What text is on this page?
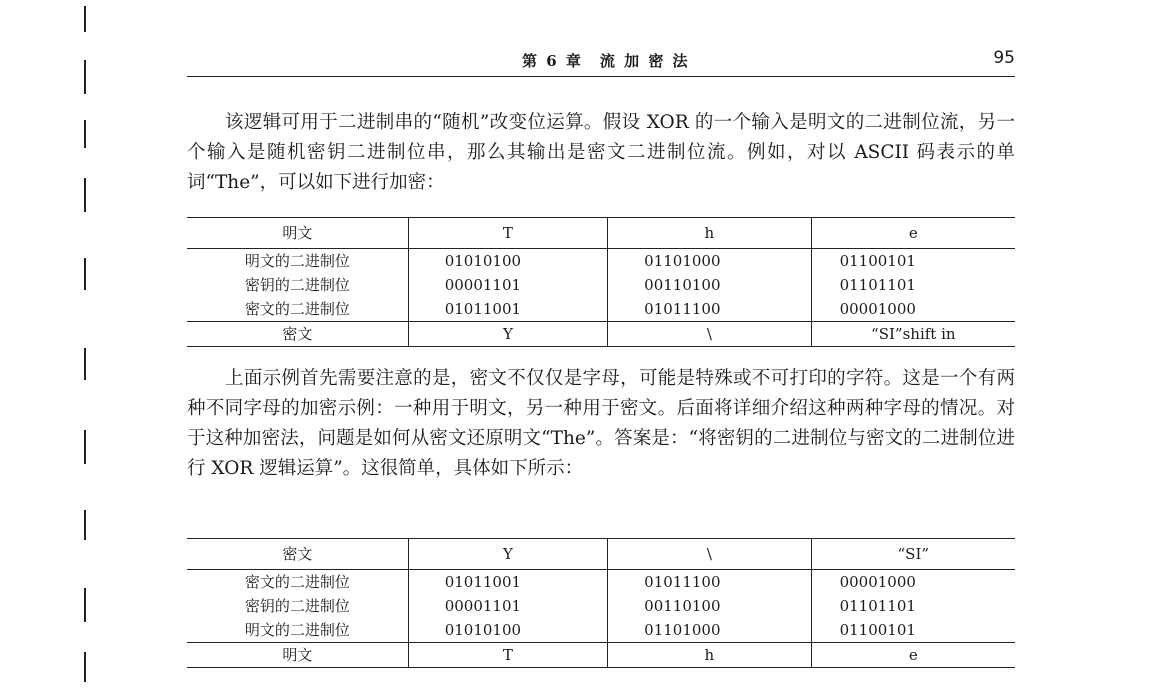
第 6 章　流 加 密 法	95

该逻辑可用于二进制串的“随机”改变位运算。假设 XOR 的一个输入是明文的二进制位流，另一个输入是随机密钥二进制位串，那么其输出是密文二进制位流。例如，对以 ASCII 码表示的单词“The”，可以如下进行加密：

明文	T	h	e
明文的二进制位	01010100	01101000	01100101
密钥的二进制位	00001101	00110100	01101101
密文的二进制位	01011001	01011100	00001000
密文	Y	\	“SI”shift in

上面示例首先需要注意的是，密文不仅仅是字母，可能是特殊或不可打印的字符。这是一个有两种不同字母的加密示例：一种用于明文，另一种用于密文。后面将详细介绍这种两种字母的情况。对于这种加密法，问题是如何从密文还原明文“The”。答案是：“将密钥的二进制位与密文的二进制位进行 XOR 逻辑运算”。这很简单，具体如下所示：

密文	Y	\	“SI”
密文的二进制位	01011001	01011100	00001000
密钥的二进制位	00001101	00110100	01101101
明文的二进制位	01010100	01101000	01100101
明文	T	h	e
